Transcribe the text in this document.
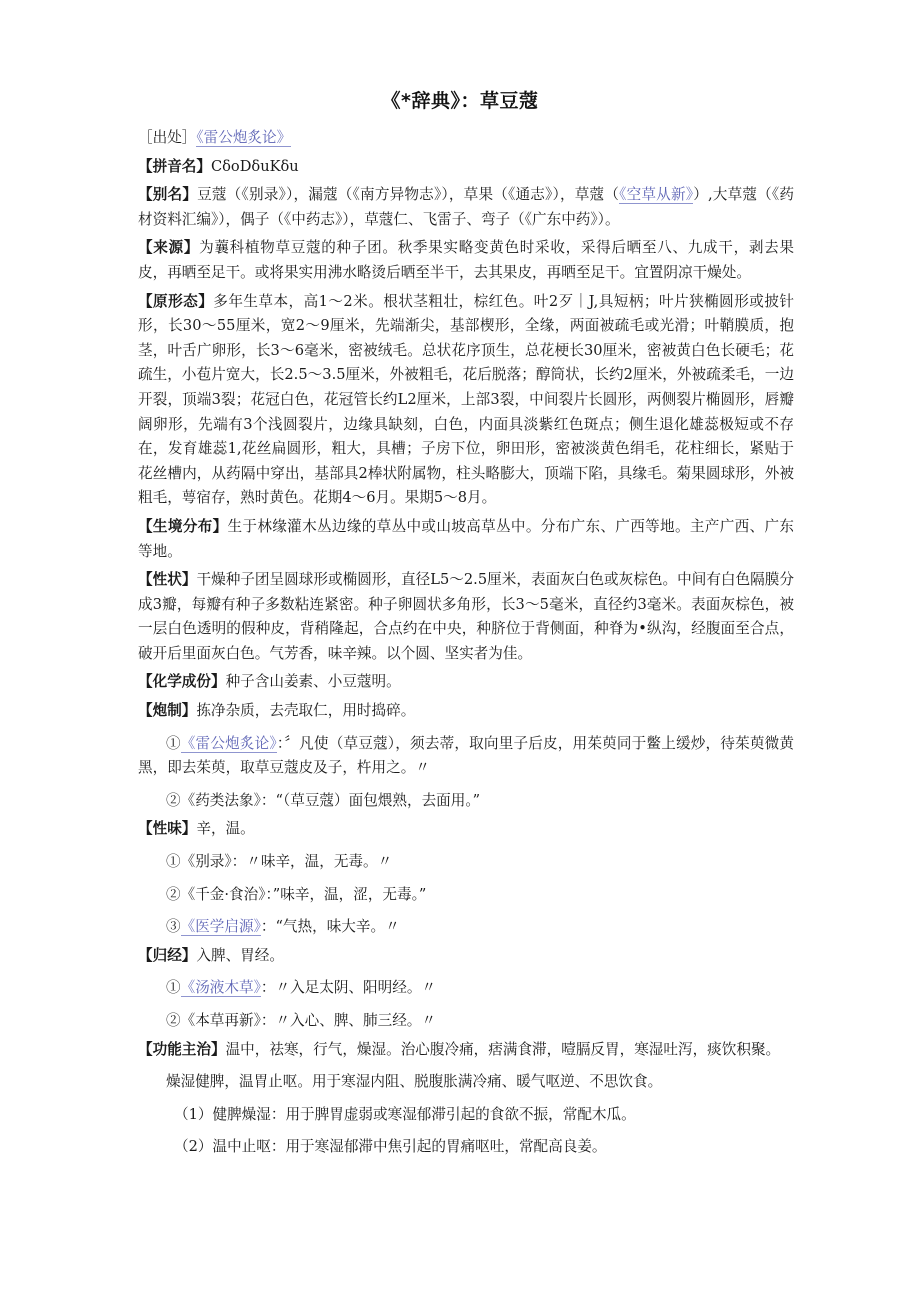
《*辞典》：草豆蔻

［出处］《雷公炮炙论》

【拼音名】CδoDδuKδu

【别名】豆蔻（《别录》），漏蔻（《南方异物志》），草果（《通志》），草蔻（《空草从新》）,大草蔻（《药材资料汇编》），偶子（《中药志》），草蔻仁、飞雷子、弯子（《广东中药》）。

【来源】为蘘科植物草豆蔻的种子团。秋季果实略变黄色时采收，采得后晒至八、九成干，剥去果皮，再晒至足干。或将果实用沸水略烫后晒至半干，去其果皮，再晒至足干。宜置阴凉干燥处。

【原形态】多年生草本，高1～2米。根状茎粗壮，棕红色。叶2歹｜J,具短柄；叶片狭椭圆形或披针形，长30～55厘米，宽2～9厘米，先端渐尖，基部楔形，全缘，两面被疏毛或光滑；叶鞘膜质，抱茎，叶舌广卵形，长3～6毫米，密被绒毛。总状花序顶生，总花梗长30厘米，密被黄白色长硬毛；花疏生，小苞片宽大，长2.5～3.5厘米，外被粗毛，花后脱落；醇筒状，长约2厘米，外被疏柔毛，一边开裂，顶端3裂；花冠白色，花冠管长约L2厘米，上部3裂，中间裂片长圆形，两侧裂片椭圆形，唇瓣阔卵形，先端有3个浅圆裂片，边缘具缺刻，白色，内面具淡紫红色斑点；侧生退化雄蕊极短或不存在，发育雄蕊1,花丝扁圆形，粗大，具槽；子房下位，卵田形，密被淡黄色绢毛，花柱细长，紧贴于花丝槽内，从药隔中穿出，基部具2棒状附属物，柱头略膨大，顶端下陷，具缘毛。菊果圆球形，外被粗毛，萼宿存，熟时黄色。花期4～6月。果期5～8月。

【生境分布】生于林缘灌木丛边缘的草丛中或山坡高草丛中。分布广东、广西等地。主产广西、广东等地。

【性状】干燥种子团呈圆球形或椭圆形，直径L5～2.5厘米，表面灰白色或灰棕色。中间有白色隔膜分成3瓣，每瓣有种子多数粘连紧密。种子卵圆状多角形，长3～5毫米，直径约3毫米。表面灰棕色，被一层白色透明的假种皮，背稍隆起，合点约在中央，种脐位于背侧面，种脊为•纵沟，经腹面至合点，破开后里面灰白色。气芳香，味辛辣。以个圆、坚实者为佳。

【化学成份】种子含山姜素、小豆蔻明。

【炮制】拣净杂质，去壳取仁，用时捣碎。

①《雷公炮炙论》：〞凡使（草豆蔻），须去蒂，取向里子后皮，用茱萸同于鳖上缓炒，待茱萸微黄黑，即去茱萸，取草豆蔻皮及子，杵用之。〃

②《药类法象》：“（草豆蔻）面包煨熟，去面用。”

【性味】辛，温。

①《别录》：〃味辛，温，无毒。〃

②《千金·食治》：”味辛，温，涩，无毒。”

③《医学启源》：“气热，味大辛。〃

【归经】入脾、胃经。

①《汤液木草》：〃入足太阴、阳明经。〃

②《本草再新》：〃入心、脾、肺三经。〃

【功能主治】温中，祛寒，行气，燥湿。治心腹冷痛，痞满食滞，噎膈反胃，寒湿吐泻，痰饮积聚。

燥湿健脾，温胃止呕。用于寒湿内阻、脱腹胀满冷痛、暖气呕逆、不思饮食。

（1）健脾燥湿：用于脾胃虚弱或寒湿郁滞引起的食欲不振，常配木瓜。

（2）温中止呕：用于寒湿郁滞中焦引起的胃痛呕吐，常配高良姜。
